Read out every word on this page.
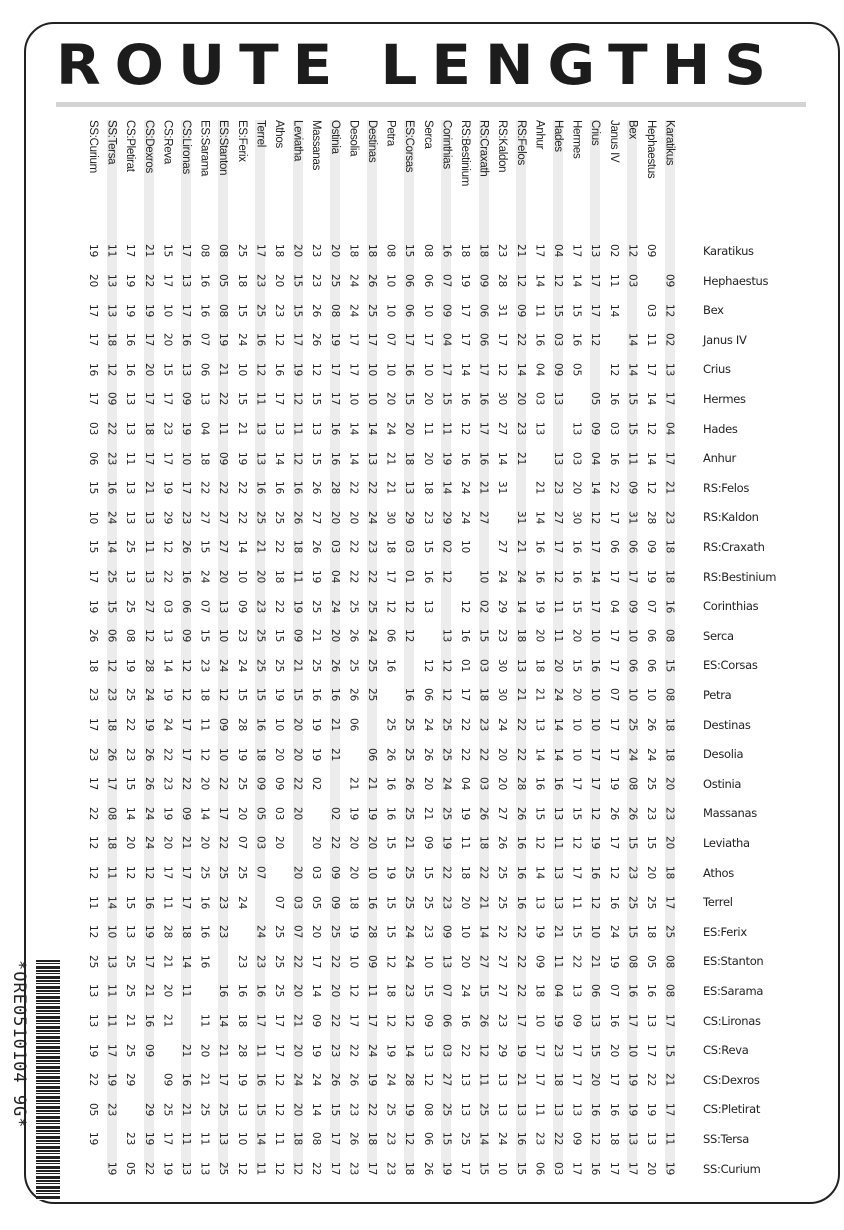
ROUTE LENGTHS
Karatikus
Hephaestus
Bex
Janus IV
Crius
Hermes
Hades
Anhur
RS:Felos
RS:Kaldon
RS:Craxath
RS:Bestinium
Corinthias
Serca
ES:Corsas
Petra
Destinas
Desolia
Ostinia
Massanas
Leviatha
Athos
Terrel
ES:Ferix
ES:Stanton
ES:Sarama
CS:Lironas
CS:Reva
CS:Dexros
CS:Pletirat
SS:Tersa
SS:Curium
Karatikus
Hephaestus
Bex
Janus IV
Crius
Hermes
Hades
Anhur
RS:Felos
RS:Kaldon
RS:Craxath
RS:Bestinium
Corinthias
Serca
ES:Corsas
Petra
Destinas
Desolia
Ostinia
Massanas
Leviatha
Athos
Terrel
ES:Ferix
ES:Stanton
ES:Sarama
CS:Lironas
CS:Reva
CS:Dexros
CS:Pletirat
SS:Tersa
SS:Curium
09
12
02
13
17
04
17
21
23
18
18
16
08
15
08
18
18
20
23
20
18
17
25
08
08
17
15
21
17
11
19
09
03
11
17
14
12
14
12
28
09
19
07
06
06
10
26
24
25
23
15
20
23
18
05
16
13
17
22
19
13
20
12
03
14
17
15
15
11
09
31
06
17
09
10
06
10
25
24
08
26
15
23
25
15
08
16
17
10
19
19
13
17
02
11
14
12
16
03
16
22
17
06
17
04
17
17
07
17
17
19
26
17
12
16
24
19
07
16
20
17
16
18
17
13
17
14
12
05
09
04
14
12
17
14
17
10
16
10
10
17
17
12
19
16
12
10
21
06
13
15
20
16
12
16
17
14
15
16
05
13
03
20
30
16
16
15
20
15
20
10
10
17
15
12
17
11
15
22
13
09
17
17
13
09
17
04
12
15
03
09
13
13
23
27
17
12
11
11
20
24
14
14
16
13
11
13
13
21
11
04
19
23
18
13
22
03
17
14
11
16
04
03
13
21
14
16
16
19
20
18
21
13
14
16
15
12
14
13
19
09
18
10
17
17
11
23
06
21
12
09
22
14
20
23
21
31
21
24
14
18
13
21
22
22
28
26
16
16
16
22
22
22
17
19
21
13
16
15
23
28
31
17
12
30
27
14
31
27
24
29
23
29
30
24
20
20
27
26
25
25
22
27
27
23
29
13
13
24
10
18
09
06
06
17
16
17
16
21
27
10
02
15
03
18
23
22
03
26
18
22
21
14
27
15
26
12
11
25
14
15
18
19
17
17
14
16
12
16
24
24
10
12
16
01
17
22
22
04
19
11
18
20
10
20
24
16
22
13
13
25
17
16
07
09
04
17
15
11
19
14
29
02
12
13
12
12
25
25
24
25
19
22
23
09
13
07
06
03
27
25
15
19
08
06
10
17
10
20
11
20
18
23
15
16
13
12
06
24
26
20
21
09
15
25
23
10
15
09
13
12
08
06
26
15
06
06
17
16
15
20
18
13
30
03
01
12
12
16
25
25
26
25
21
25
25
24
24
23
12
14
28
19
12
18
08
10
10
07
10
20
24
21
21
30
18
17
12
06
16
25
26
16
16
15
19
15
15
12
18
12
19
24
25
23
23
18
26
25
17
10
10
14
13
22
24
23
22
25
24
25
25
06
21
19
20
10
16
28
09
11
17
24
19
22
18
17
18
24
24
17
17
10
14
14
22
20
22
22
25
26
25
26
06
21
19
20
20
18
19
10
12
17
22
26
23
26
23
20
25
08
19
17
17
16
16
28
20
03
04
24
20
26
16
21
21
02
22
09
09
25
22
20
22
23
26
15
17
17
23
23
26
26
12
15
13
15
26
27
26
19
25
21
25
16
19
19
02
20
03
05
20
17
14
09
19
24
14
08
22
20
15
15
17
19
12
11
12
16
26
18
11
19
09
21
15
20
20
22
20
20
03
07
22
20
21
20
24
20
18
12
18
20
23
12
16
17
13
14
16
25
22
18
22
15
25
19
10
20
09
03
20
07
25
25
25
17
17
12
12
11
12
17
25
25
16
12
11
13
13
16
25
21
20
23
25
25
15
16
18
09
05
03
07
24
23
16
17
11
16
15
14
11
25
18
15
24
10
15
21
19
22
22
14
10
09
23
24
15
28
19
25
20
07
25
24
23
16
18
28
19
13
10
12
08
05
08
19
21
22
11
09
22
27
27
20
13
10
24
12
09
10
22
17
22
25
23
23
16
14
21
17
25
13
25
08
16
16
07
06
13
04
18
22
27
15
24
07
15
23
18
11
12
20
14
20
25
16
16
16
11
20
21
25
11
13
17
13
17
16
13
09
19
10
17
23
26
16
06
09
12
12
17
17
22
09
21
17
17
18
14
11
21
16
21
11
13
15
17
10
20
15
17
23
17
19
29
12
22
03
13
14
19
24
22
23
19
20
17
11
28
21
20
21
09
25
17
19
21
22
19
17
20
17
18
17
21
13
11
13
27
12
28
24
19
26
26
24
24
12
16
19
17
21
16
09
29
19
22
17
19
19
16
16
13
13
11
13
13
25
13
25
08
19
25
22
23
15
14
20
12
15
13
25
25
21
25
29
23
05
11
13
13
18
12
09
22
23
16
24
14
25
15
06
12
23
18
26
17
08
18
11
14
10
13
11
11
17
19
23
19
19
20
17
17
16
17
03
06
15
10
15
17
19
26
18
23
17
23
17
22
12
12
11
12
25
13
13
19
22
05
19
*ORE0510104 9G*
